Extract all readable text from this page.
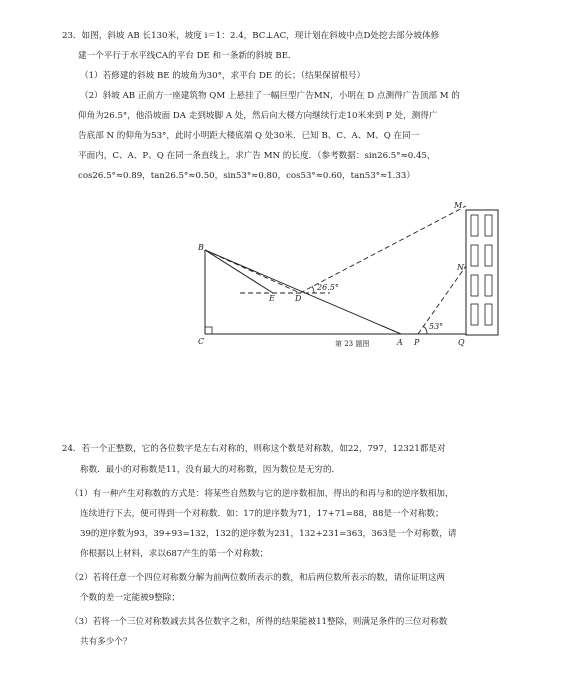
23．如图，斜坡 AB 长130米，坡度 i＝1：2.4，BC⊥AC，现计划在斜坡中点D处挖去部分坡体修
建一个平行于水平线CA的平台 DE 和一条新的斜坡 BE．
（1）若修建的斜坡 BE 的坡角为30°，求平台 DE 的长；（结果保留根号）
（2）斜坡 AB 正前方一座建筑物 QM 上悬挂了一幅巨型广告MN，小明在 D 点测得广告顶部 M 的
仰角为26.5°，他沿坡面 DA 走到坡脚 A 处，然后向大楼方向继续行走10米来到 P 处，测得广
告底部 N 的仰角为53°，此时小明距大楼底端 Q 处30米．已知 B、C、A、M、Q 在同一
平面内，C、A、P、Q 在同一条直线上，求广告 MN 的长度．（参考数据：sin26.5°≈0.45，
cos26.5°≈0.89，tan26.5°≈0.50，sin53°≈0.80，cos53°≈0.60，tan53°≈1.33）
M
N
B
E	D
C	A P	Q
26.5°
53°
第 23 题图
24．若一个正整数，它的各位数字是左右对称的，则称这个数是对称数，如22，797，12321都是对
称数．最小的对称数是11，没有最大的对称数，因为数位是无穷的．
（1）有一种产生对称数的方式是：将某些自然数与它的逆序数相加，得出的和再与和的逆序数相加，
连续进行下去，便可得到一个对称数．如：17的逆序数为71，17+71=88，88是一个对称数；
39的逆序数为93，39+93=132，132的逆序数为231，132+231=363，363是一个对称数，请
你根据以上材料，求以687产生的第一个对称数；
（2）若将任意一个四位对称数分解为前两位数所表示的数，和后两位数所表示的数，请你证明这两
个数的差一定能被9整除；
（3）若将一个三位对称数减去其各位数字之和，所得的结果能被11整除，则满足条件的三位对称数
共有多少个？
